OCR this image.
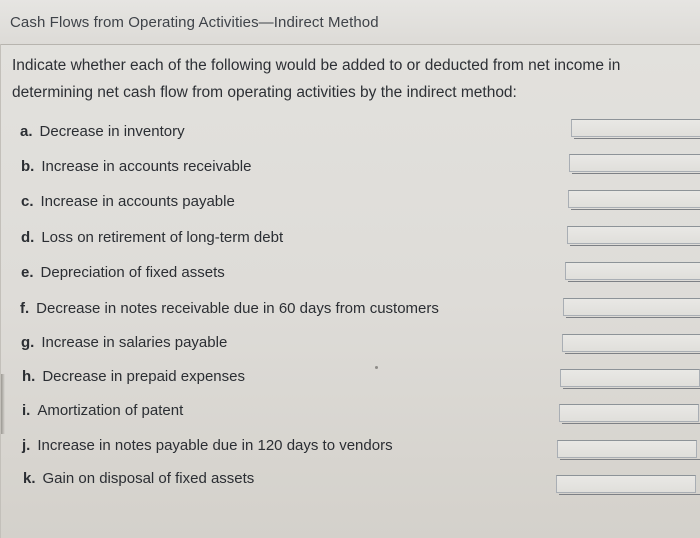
Cash Flows from Operating Activities—Indirect Method
Indicate whether each of the following would be added to or deducted from net income in determining net cash flow from operating activities by the indirect method:
a. Decrease in inventory
b. Increase in accounts receivable
c. Increase in accounts payable
d. Loss on retirement of long-term debt
e. Depreciation of fixed assets
f. Decrease in notes receivable due in 60 days from customers
g. Increase in salaries payable
h. Decrease in prepaid expenses
i. Amortization of patent
j. Increase in notes payable due in 120 days to vendors
k. Gain on disposal of fixed assets
